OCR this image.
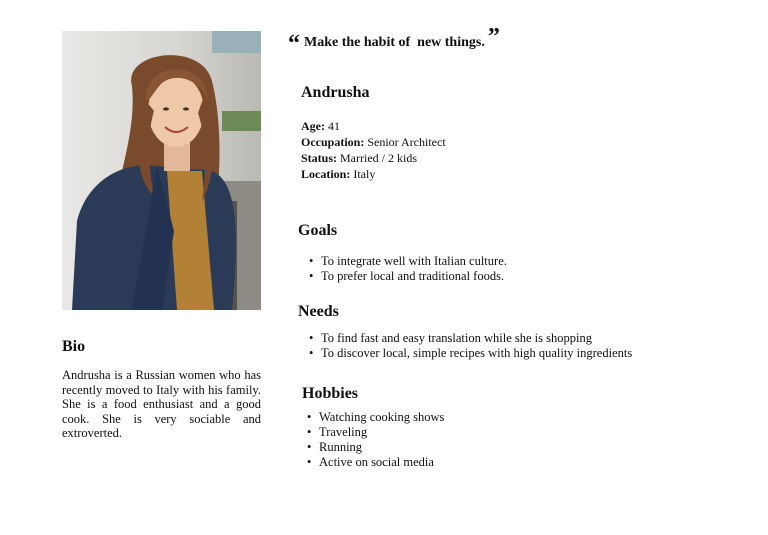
“ Make the habit of  new things. ”
Andrusha
Age: 41
Occupation: Senior Architect
Status: Married / 2 kids
Location: Italy
Goals
• To integrate well with Italian culture.
• To prefer local and traditional foods.
Needs
• To find fast and easy translation while she is shopping
• To discover local, simple recipes with high quality ingredients
Hobbies
• Watching cooking shows
• Traveling
• Running
• Active on social media
Bio

Andrusha is a Russian women who has recently moved to Italy with his family. She is a food enthusiast and a good cook. She is very sociable and extroverted.
